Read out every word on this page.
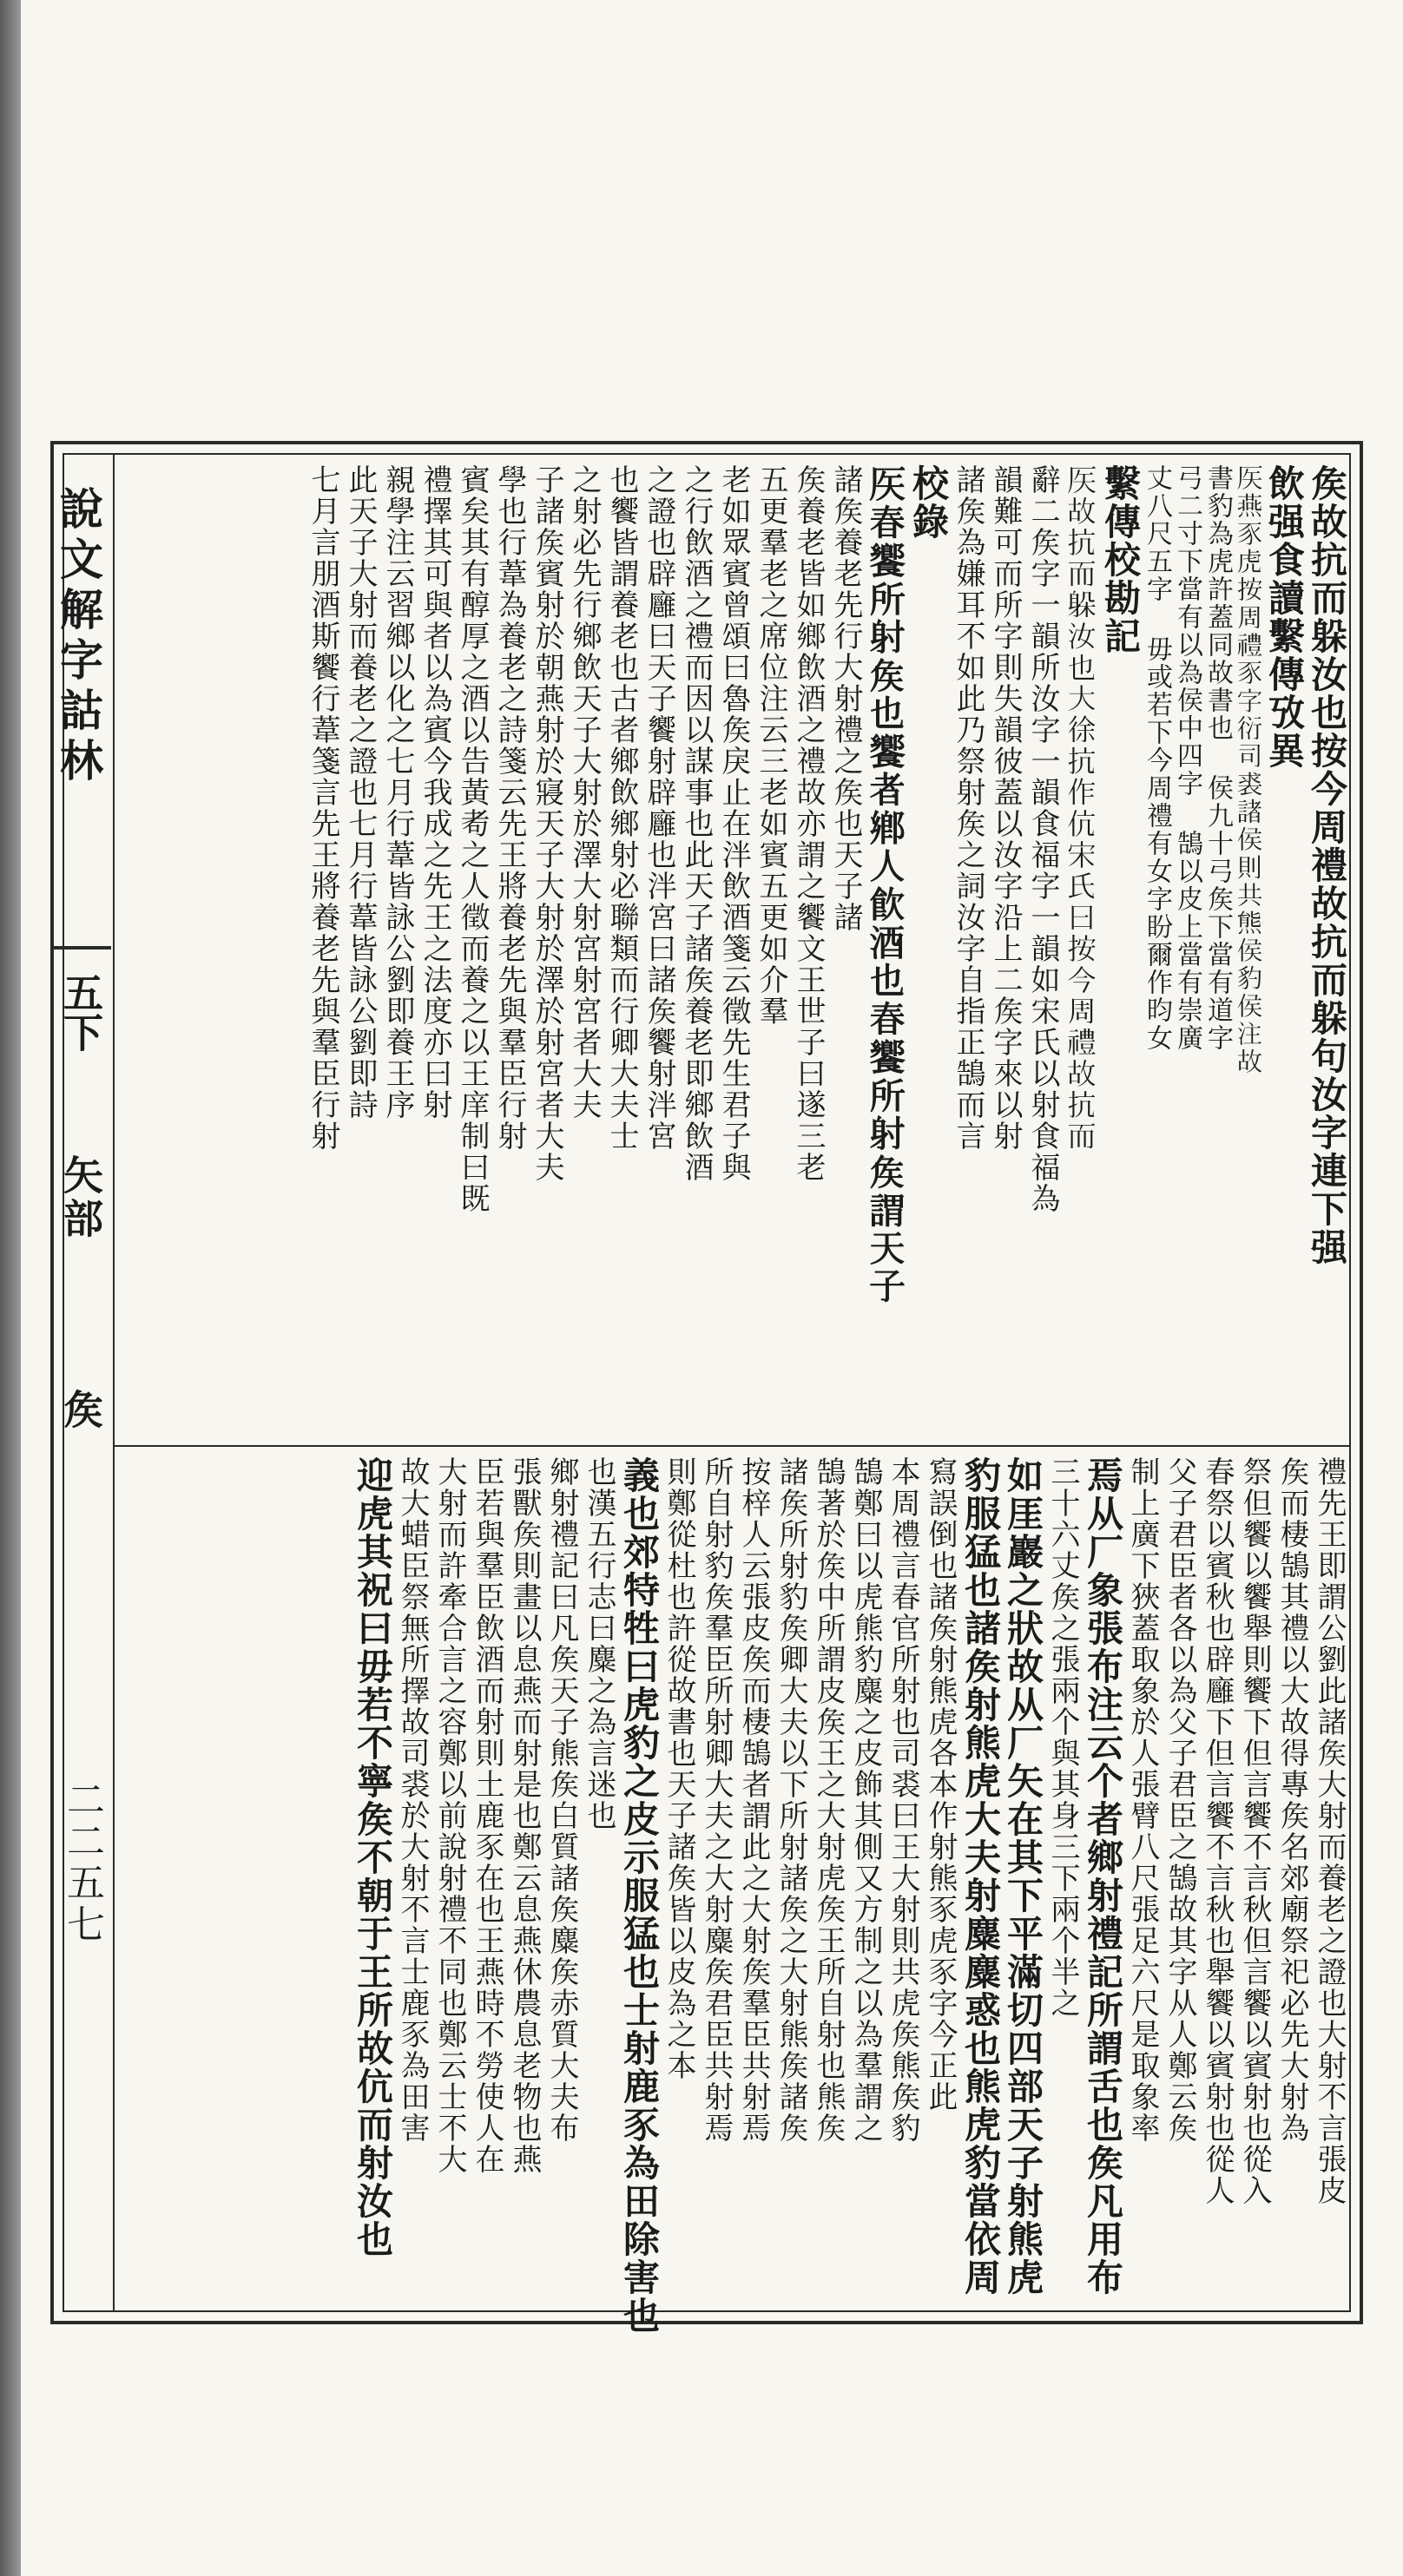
說文解字詁林
五下
矢部
矦
二二五七
矦故抗而躲汝也按今周禮故抗而躲句汝字連下强
飲强食讀繫傳攷異
𥎦燕豕虎按周禮豕字衍司裘諸侯則共熊侯豹侯注故
書豹為虎許蓋同故書也 侯九十弓矦下當有道字
弓二寸下當有以為侯中四字 鵠以皮上當有崇廣
丈八尺五字 毋或若下今周禮有女字盼爾作昀女
繫傳校勘記
𥎦故抗而躲汝也大徐抗作伉宋氏曰按今周禮故抗而
辭二矦字一韻所汝字一韻食福字一韻如宋氏以射食福為
韻難可而所字則失韻彼蓋以汝字沿上二矦字來以射
諸矦為嫌耳不如此乃祭射矦之詞汝字自指正鵠而言
校錄
𥎦春饗所射矦也饗者鄉人飲酒也春饗所射矦謂天子
諸矦養老先行大射禮之矦也天子諸
矦養老皆如鄉飲酒之禮故亦謂之饗文王世子曰遂三老
五更羣老之席位注云三老如賓五更如介羣
老如眾賓曾頌曰魯矦戾止在泮飲酒箋云徵先生君子與
之行飲酒之禮而因以謀事也此天子諸矦養老即鄉飲酒
之證也辟廱曰天子饗射辟廱也泮宮曰諸矦饗射泮宮
也饗皆謂養老也古者鄉飲鄉射必聯類而行卿大夫士
之射必先行鄉飲天子大射於澤大射宮射宮者大夫
子諸矦賓射於朝燕射於寢天子大射於澤於射宮者大夫
學也行葦為養老之詩箋云先王將養老先與羣臣行射
賓矣其有醇厚之酒以告黃耇之人徵而養之以王庠制曰既
禮擇其可與者以為賓今我成之先王之法度亦曰射
親學注云習鄉以化之七月行葦皆詠公劉即養王序
此天子大射而養老之證也七月行葦皆詠公劉即詩
七月言朋酒斯饗行葦箋言先王將養老先與羣臣行射
禮先王即謂公劉此諸矦大射而養老之證也大射不言張皮
矦而棲鵠其禮以大故得專矦名郊廟祭祀必先大射為
祭但饗以饗舉則饗下但言饗不言秋但言饗以賓射也從入
春祭以賓秋也辟廱下但言饗不言秋也舉饗以賓射也從人
父子君臣者各以為父子君臣之鵠故其字从人鄭云矦
制上廣下狹蓋取象於人張臂八尺張足六尺是取象率
焉从厂象張布注云个者鄉射禮記所謂舌也矦凡用布
三十六丈矦之張兩个與其身三下兩个半之
如厓巖之狀故从厂矢在其下平滿切四部天子射熊虎
豹服猛也諸矦射熊虎大夫射麋麋惑也熊虎豹當依周
寫誤倒也諸矦射熊虎各本作射熊豕虎豕字今正此
本周禮言春官所射也司裘曰王大射則共虎矦熊矦豹
鵠鄭曰以虎熊豹麋之皮飾其側又方制之以為羣謂之
鵠著於矦中所謂皮矦王之大射虎矦王所自射也熊矦
諸矦所射豹矦卿大夫以下所射諸矦之大射熊矦諸矦
按梓人云張皮矦而棲鵠者謂此之大射矦羣臣共射焉
所自射豹矦羣臣所射卿大夫之大射麋矦君臣共射焉
則鄭從杜也許從故書也天子諸矦皆以皮為之本
義也郊特牲曰虎豹之皮示服猛也士射鹿豕為田除害也
也漢五行志曰麋之為言迷也
鄉射禮記曰凡矦天子熊矦白質諸矦麋矦赤質大夫布
張獸矦則畫以息燕而射是也鄭云息燕休農息老物也燕
臣若與羣臣飲酒而射則土鹿豕在也王燕時不勞使人在
大射而許牽合言之容鄭以前說射禮不同也鄭云士不大
故大蜡臣祭無所擇故司裘於大射不言士鹿豕為田害
迎虎其祝曰毋若不寧矦不朝于王所故伉而射汝也
